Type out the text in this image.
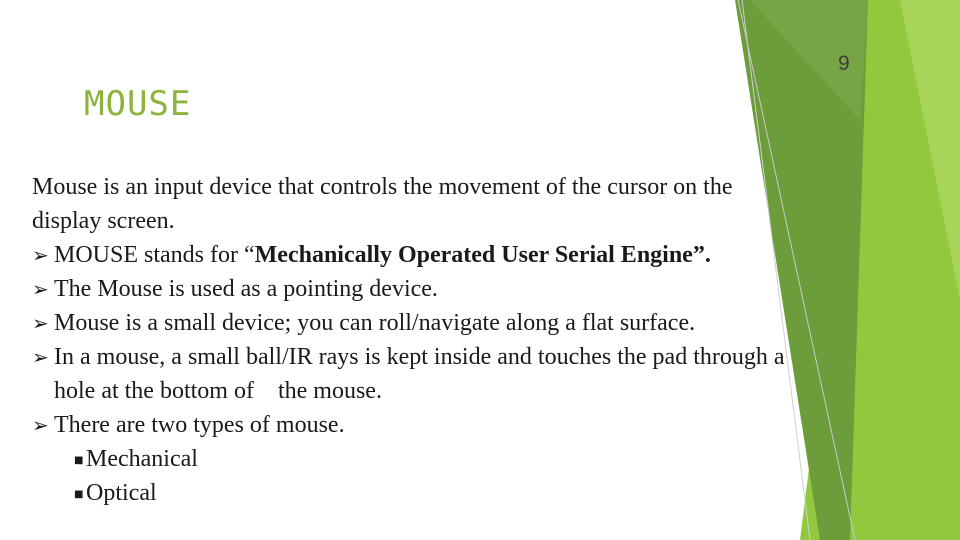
9
MOUSE
Mouse is an input device that controls the movement of the cursor on the
display screen.
➢ MOUSE stands for “Mechanically Operated User Serial Engine”.
➢ The Mouse is used as a pointing device.
➢ Mouse is a small device; you can roll/navigate along a flat surface.
➢ In a mouse, a small ball/IR rays is kept inside and touches the pad through a
hole at the bottom of    the mouse.
➢ There are two types of mouse.
■ Mechanical
■ Optical
